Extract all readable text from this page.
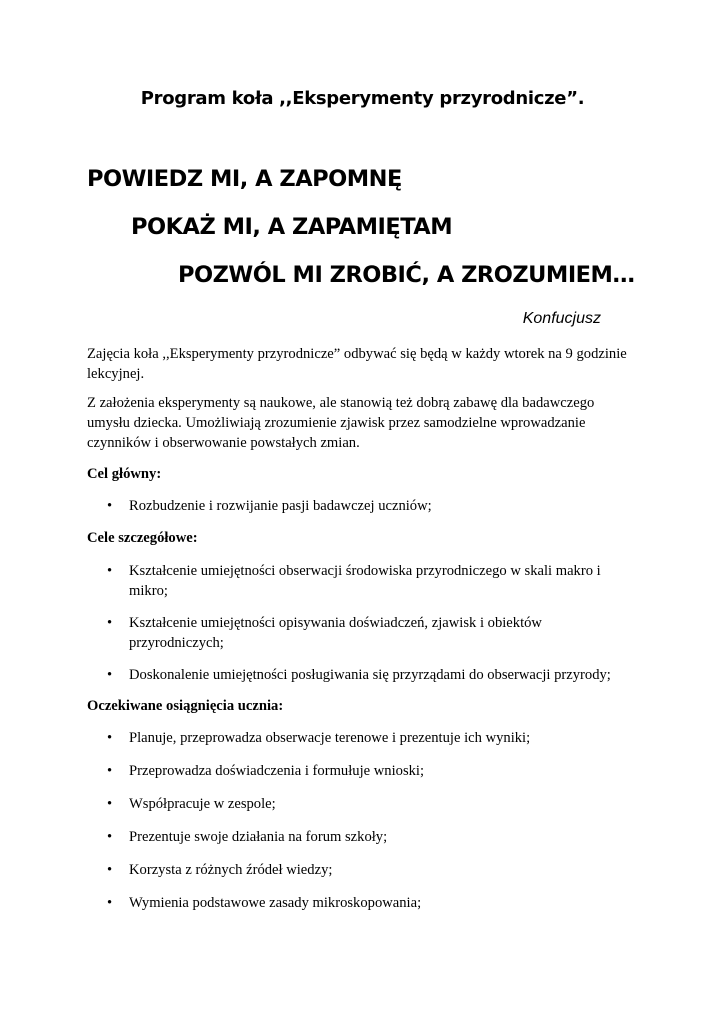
Program koła ,,Eksperymenty przyrodnicze”.
POWIEDZ MI, A ZAPOMNĘ
POKAŻ MI, A ZAPAMIĘTAM
POZWÓL MI ZROBIĆ, A ZROZUMIEM…
Konfucjusz

Zajęcia koła ,,Eksperymenty przyrodnicze” odbywać się będą w każdy wtorek na 9 godzinie lekcyjnej.

Z założenia eksperymenty są naukowe, ale stanowią też dobrą zabawę dla badawczego umysłu dziecka. Umożliwiają zrozumienie zjawisk przez samodzielne wprowadzanie czynników i obserwowanie powstałych zmian.

Cel główny:
•	Rozbudzenie i rozwijanie pasji badawczej uczniów;
Cele szczegółowe:
•	Kształcenie umiejętności obserwacji środowiska przyrodniczego w skali makro i mikro;
•	Kształcenie umiejętności opisywania doświadczeń, zjawisk i obiektów przyrodniczych;
•	Doskonalenie umiejętności posługiwania się przyrządami do obserwacji przyrody;
Oczekiwane osiągnięcia ucznia:
•	Planuje, przeprowadza obserwacje terenowe i prezentuje ich wyniki;
•	Przeprowadza doświadczenia i formułuje wnioski;
•	Współpracuje w zespole;
•	Prezentuje swoje działania na forum szkoły;
•	Korzysta z różnych źródeł wiedzy;
•	Wymienia podstawowe zasady mikroskopowania;
